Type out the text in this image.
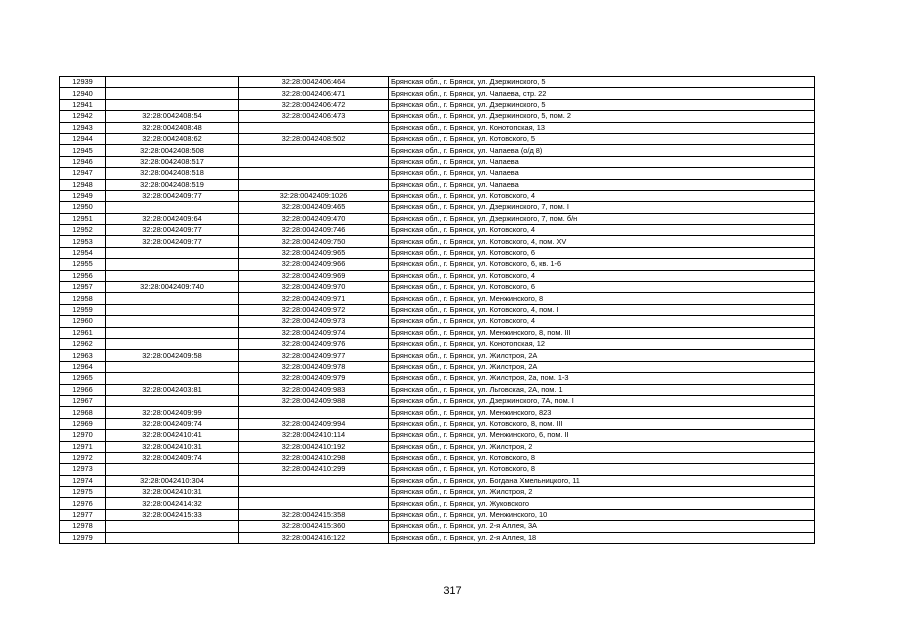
12939		32:28:0042406:464	Брянская обл., г. Брянск, ул. Дзержинского, 5
12940		32:28:0042406:471	Брянская обл., г. Брянск, ул. Чапаева, стр. 22
12941		32:28:0042406:472	Брянская обл., г. Брянск, ул. Дзержинского, 5
12942	32:28:0042408:54	32:28:0042406:473	Брянская обл., г. Брянск, ул. Дзержинского, 5, пом. 2
12943	32:28:0042408:48		Брянская обл., г. Брянск, ул. Конотопская, 13
12944	32:28:0042408:62	32:28:0042408:502	Брянская обл., г. Брянск, ул. Котовского, 5
12945	32:28:0042408:508		Брянская обл., г. Брянск, ул. Чапаева (о/д 8)
12946	32:28:0042408:517		Брянская обл., г. Брянск, ул. Чапаева
12947	32:28:0042408:518		Брянская обл., г. Брянск, ул. Чапаева
12948	32:28:0042408:519		Брянская обл., г. Брянск, ул. Чапаева
12949	32:28:0042409:77	32:28:0042409:1026	Брянская обл., г. Брянск, ул. Котовского, 4
12950		32:28:0042409:465	Брянская обл., г. Брянск, ул. Дзержинского, 7, пом. I
12951	32:28:0042409:64	32:28:0042409:470	Брянская обл., г. Брянск, ул. Дзержинского, 7, пом. б/н
12952	32:28:0042409:77	32:28:0042409:746	Брянская обл., г. Брянск, ул. Котовского, 4
12953	32:28:0042409:77	32:28:0042409:750	Брянская обл., г. Брянск, ул. Котовского, 4, пом. XV
12954		32:28:0042409:965	Брянская обл., г. Брянск, ул. Котовского, 6
12955		32:28:0042409:966	Брянская обл., г. Брянск, ул. Котовского, 6, кв. 1-6
12956		32:28:0042409:969	Брянская обл., г. Брянск, ул. Котовского, 4
12957	32:28:0042409:740	32:28:0042409:970	Брянская обл., г. Брянск, ул. Котовского, 6
12958		32:28:0042409:971	Брянская обл., г. Брянск, ул. Менжинского, 8
12959		32:28:0042409:972	Брянская обл., г. Брянск, ул. Котовского, 4, пом. I
12960		32:28:0042409:973	Брянская обл., г. Брянск, ул. Котовского, 4
12961		32:28:0042409:974	Брянская обл., г. Брянск, ул. Менжинского, 8, пом. III
12962		32:28:0042409:976	Брянская обл., г. Брянск, ул. Конотопская, 12
12963	32:28:0042409:58	32:28:0042409:977	Брянская обл., г. Брянск, ул. Жилстроя, 2А
12964		32:28:0042409:978	Брянская обл., г. Брянск, ул. Жилстроя, 2А
12965		32:28:0042409:979	Брянская обл., г. Брянск, ул. Жилстроя, 2а, пом. 1-3
12966	32:28:0042403:81	32:28:0042409:983	Брянская обл., г. Брянск, ул. Льговская, 2А, пом. 1
12967		32:28:0042409:988	Брянская обл., г. Брянск, ул. Дзержинского, 7А, пом. I
12968	32:28:0042409:99		Брянская обл., г. Брянск, ул. Менжинского, 823
12969	32:28:0042409:74	32:28:0042409:994	Брянская обл., г. Брянск, ул. Котовского, 8, пом. III
12970	32:28:0042410:41	32:28:0042410:114	Брянская обл., г. Брянск, ул. Менжинского, 6, пом. II
12971	32:28:0042410:31	32:28:0042410:192	Брянская обл., г. Брянск, ул. Жилстроя, 2
12972	32:28:0042409:74	32:28:0042410:298	Брянская обл., г. Брянск, ул. Котовского, 8
12973		32:28:0042410:299	Брянская обл., г. Брянск, ул. Котовского, 8
12974	32:28:0042410:304		Брянская обл., г. Брянск, ул. Богдана Хмельницкого, 11
12975	32:28:0042410:31		Брянская обл., г. Брянск, ул. Жилстроя, 2
12976	32:28:0042414:32		Брянская обл., г. Брянск, ул. Жуковского
12977	32:28:0042415:33	32:28:0042415:358	Брянская обл., г. Брянск, ул. Менжинского, 10
12978		32:28:0042415:360	Брянская обл., г. Брянск, ул. 2-я Аллея, 3А
12979		32:28:0042416:122	Брянская обл., г. Брянск, ул. 2-я Аллея, 18
317
